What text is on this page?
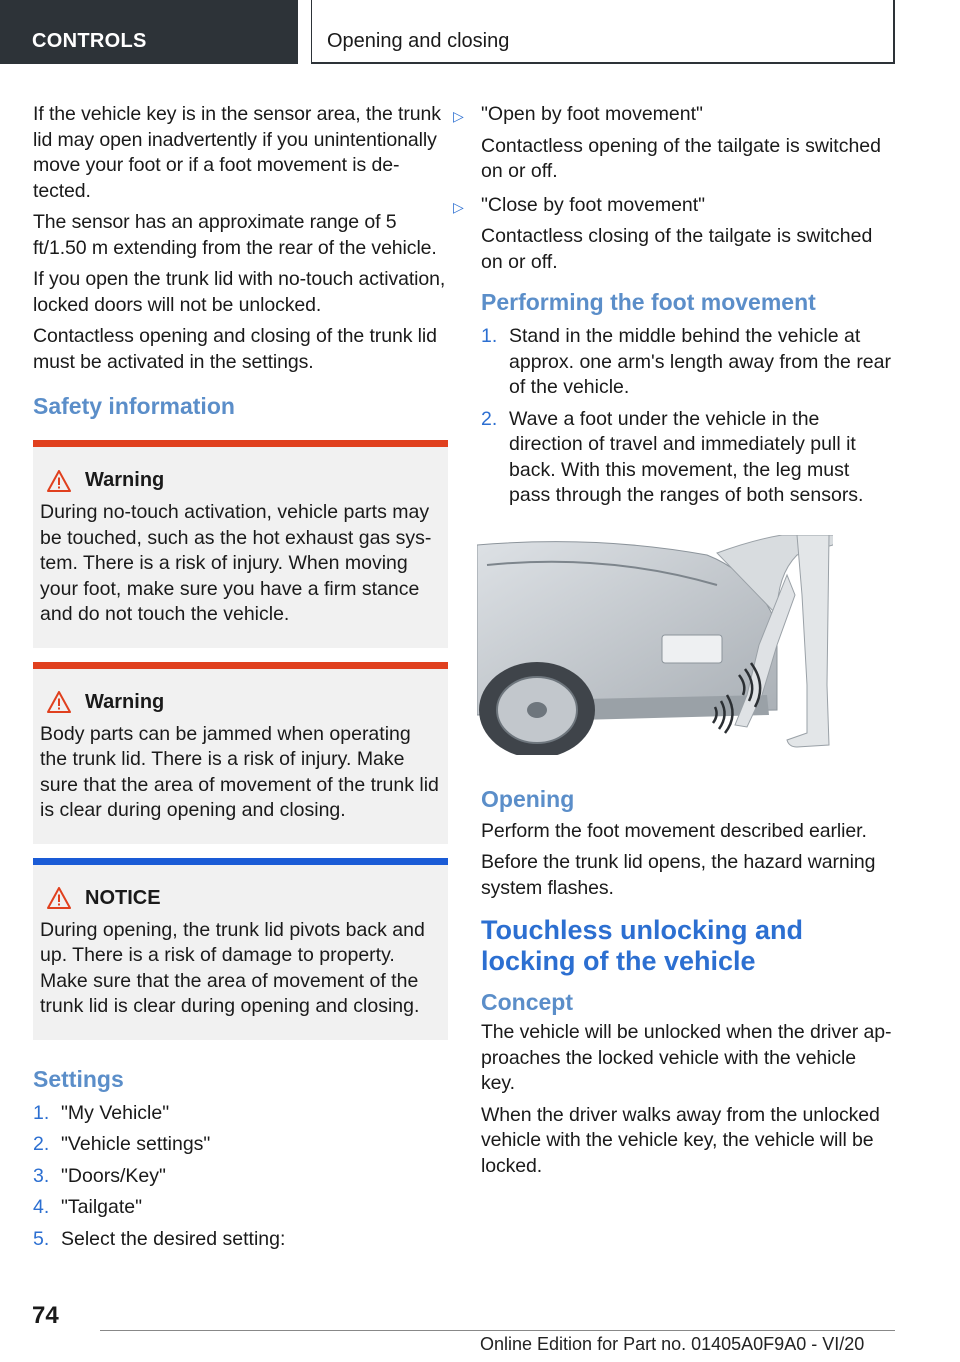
CONTROLS	Opening and closing

If the vehicle key is in the sensor area, the trunk lid may open inadvertently if you unintentionally move your foot or if a foot movement is detected.

The sensor has an approximate range of 5 ft/1.50 m extending from the rear of the vehicle.

If you open the trunk lid with no-touch activation, locked doors will not be unlocked.

Contactless opening and closing of the trunk lid must be activated in the settings.

Safety information
Warning

During no-touch activation, vehicle parts may be touched, such as the hot exhaust gas system. There is a risk of injury. When moving your foot, make sure you have a firm stance and do not touch the vehicle.

Warning

Body parts can be jammed when operating the trunk lid. There is a risk of injury. Make sure that the area of movement of the trunk lid is clear during opening and closing.

NOTICE

During opening, the trunk lid pivots back and up. There is a risk of damage to property. Make sure that the area of movement of the trunk lid is clear during opening and closing.

Settings
1. "My Vehicle"
2. "Vehicle settings"
3. "Doors/Key"
4. "Tailgate"
5. Select the desired setting:
▷ "Open by foot movement"
Contactless opening of the tailgate is switched on or off.
▷ "Close by foot movement"
Contactless closing of the tailgate is switched on or off.
Performing the foot movement
1. Stand in the middle behind the vehicle at approx. one arm's length away from the rear of the vehicle.
2. Wave a foot under the vehicle in the direction of travel and immediately pull it back. With this movement, the leg must pass through the ranges of both sensors.
Opening

Perform the foot movement described earlier.

Before the trunk lid opens, the hazard warning system flashes.

Touchless unlocking and locking of the vehicle
Concept

The vehicle will be unlocked when the driver approaches the locked vehicle with the vehicle key.

When the driver walks away from the unlocked vehicle with the vehicle key, the vehicle will be locked.

74
Online Edition for Part no. 01405A0F9A0 - VI/20
